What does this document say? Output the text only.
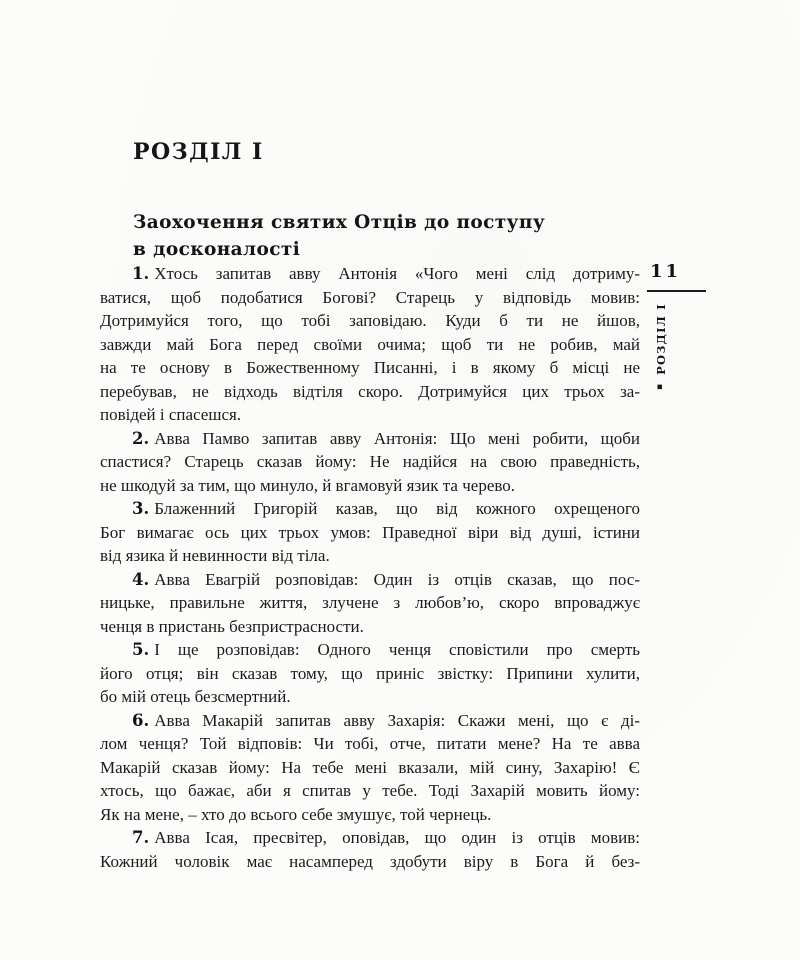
РОЗДІЛ I
Заохочення святих Отців до поступу
в досконалості
1. Хтось запитав авву Антонія «Чого мені слід дотриму-
ватися, щоб подобатися Богові? Старець у відповідь мовив:
Дотримуйся того, що тобі заповідаю. Куди б ти не йшов,
завжди май Бога перед своїми очима; щоб ти не робив, май
на те основу в Божественному Писанні, і в якому б місці не
перебував, не відходь відтіля скоро. Дотримуйся цих трьох за-
повідей і спасешся.
2. Авва Памво запитав авву Антонія: Що мені робити, щоби
спастися? Старець сказав йому: Не надійся на свою праведність,
не шкодуй за тим, що минуло, й вгамовуй язик та черево.
3. Блаженний Григорій казав, що від кожного охрещеного
Бог вимагає ось цих трьох умов: Праведної віри від душі, істини
від язика й невинности від тіла.
4. Авва Евагрій розповідав: Один із отців сказав, що пос-
ницьке, правильне життя, злучене з любов’ю, скоро впроваджує
ченця в пристань безпристрасности.
5. І ще розповідав: Одного ченця сповістили про смерть
його отця; він сказав тому, що приніс звістку: Припини хулити,
бо мій отець безсмертний.
6. Авва Макарій запитав авву Захарія: Скажи мені, що є ді-
лом ченця? Той відповів: Чи тобі, отче, питати мене? На те авва
Макарій сказав йому: На тебе мені вказали, мій сину, Захарію! Є
хтось, що бажає, аби я спитав у тебе. Тоді Захарій мовить йому:
Як на мене, – хто до всього себе змушує, той чернець.
7. Авва Ісая, пресвітер, оповідав, що один із отців мовив:
Кожний чоловік має насамперед здобути віру в Бога й без-
11
▪
РОЗДІЛ I
